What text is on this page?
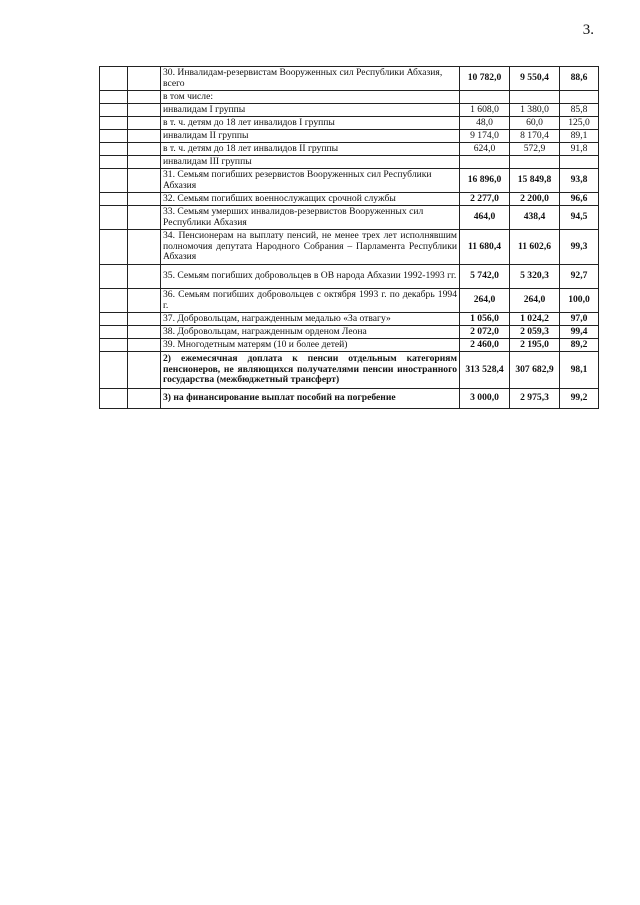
3.
		30. Инвалидам-резервистам Вооруженных сил Республики Абхазия, всего	10 782,0	9 550,4	88,6
		в том числе:			
		инвалидам I группы	1 608,0	1 380,0	85,8
		в т. ч. детям до 18 лет инвалидов I группы	48,0	60,0	125,0
		инвалидам II группы	9 174,0	8 170,4	89,1
		в т. ч. детям до 18 лет инвалидов II группы	624,0	572,9	91,8
		инвалидам III группы			
		31. Семьям погибших резервистов Вооруженных сил Республики Абхазия	16 896,0	15 849,8	93,8
		32. Семьям погибших военнослужащих срочной службы	2 277,0	2 200,0	96,6
		33. Семьям умерших инвалидов-резервистов Вооруженных сил Республики Абхазия	464,0	438,4	94,5
		34. Пенсионерам на выплату пенсий, не менее трех лет исполнявшим полномочия депутата Народного Собрания – Парламента Республики Абхазия	11 680,4	11 602,6	99,3
		35. Семьям погибших добровольцев в ОВ народа Абхазии 1992-1993 гг.	5 742,0	5 320,3	92,7
		36. Семьям погибших добровольцев с октября 1993 г. по декабрь 1994 г.	264,0	264,0	100,0
		37. Добровольцам, награжденным медалью «За отвагу»	1 056,0	1 024,2	97,0
		38. Добровольцам, награжденным орденом Леона	2 072,0	2 059,3	99,4
		39. Многодетным матерям (10 и более детей)	2 460,0	2 195,0	89,2
		2) ежемесячная доплата к пенсии отдельным категориям пенсионеров, не являющихся получателями пенсии иностранного государства (межбюджетный трансферт)	313 528,4	307 682,9	98,1
		3) на финансирование выплат пособий на погребение	3 000,0	2 975,3	99,2
